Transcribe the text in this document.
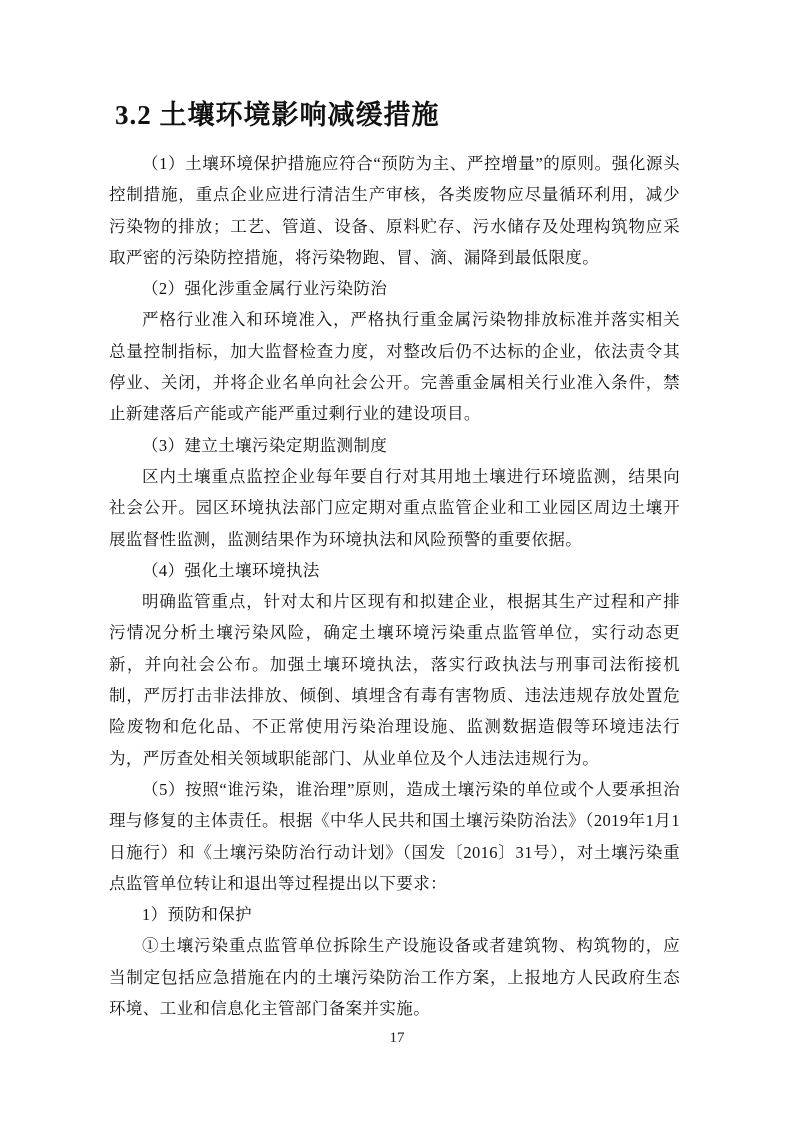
3.2 土壤环境影响减缓措施

（1）土壤环境保护措施应符合“预防为主、严控增量”的原则。强化源头控制措施，重点企业应进行清洁生产审核，各类废物应尽量循环利用，减少污染物的排放；工艺、管道、设备、原料贮存、污水储存及处理构筑物应采取严密的污染防控措施，将污染物跑、冒、滴、漏降到最低限度。

（2）强化涉重金属行业污染防治

严格行业准入和环境准入，严格执行重金属污染物排放标准并落实相关总量控制指标，加大监督检查力度，对整改后仍不达标的企业，依法责令其停业、关闭，并将企业名单向社会公开。完善重金属相关行业准入条件，禁止新建落后产能或产能严重过剩行业的建设项目。

（3）建立土壤污染定期监测制度

区内土壤重点监控企业每年要自行对其用地土壤进行环境监测，结果向社会公开。园区环境执法部门应定期对重点监管企业和工业园区周边土壤开展监督性监测，监测结果作为环境执法和风险预警的重要依据。

（4）强化土壤环境执法

明确监管重点，针对太和片区现有和拟建企业，根据其生产过程和产排污情况分析土壤污染风险，确定土壤环境污染重点监管单位，实行动态更新，并向社会公布。加强土壤环境执法，落实行政执法与刑事司法衔接机制，严厉打击非法排放、倾倒、填埋含有毒有害物质、违法违规存放处置危险废物和危化品、不正常使用污染治理设施、监测数据造假等环境违法行为，严厉查处相关领域职能部门、从业单位及个人违法违规行为。

（5）按照“谁污染，谁治理”原则，造成土壤污染的单位或个人要承担治理与修复的主体责任。根据《中华人民共和国土壤污染防治法》（2019年1月1日施行）和《土壤污染防治行动计划》（国发〔2016〕31号），对土壤污染重点监管单位转让和退出等过程提出以下要求：

1）预防和保护

①土壤污染重点监管单位拆除生产设施设备或者建筑物、构筑物的，应当制定包括应急措施在内的土壤污染防治工作方案，上报地方人民政府生态环境、工业和信息化主管部门备案并实施。

17
